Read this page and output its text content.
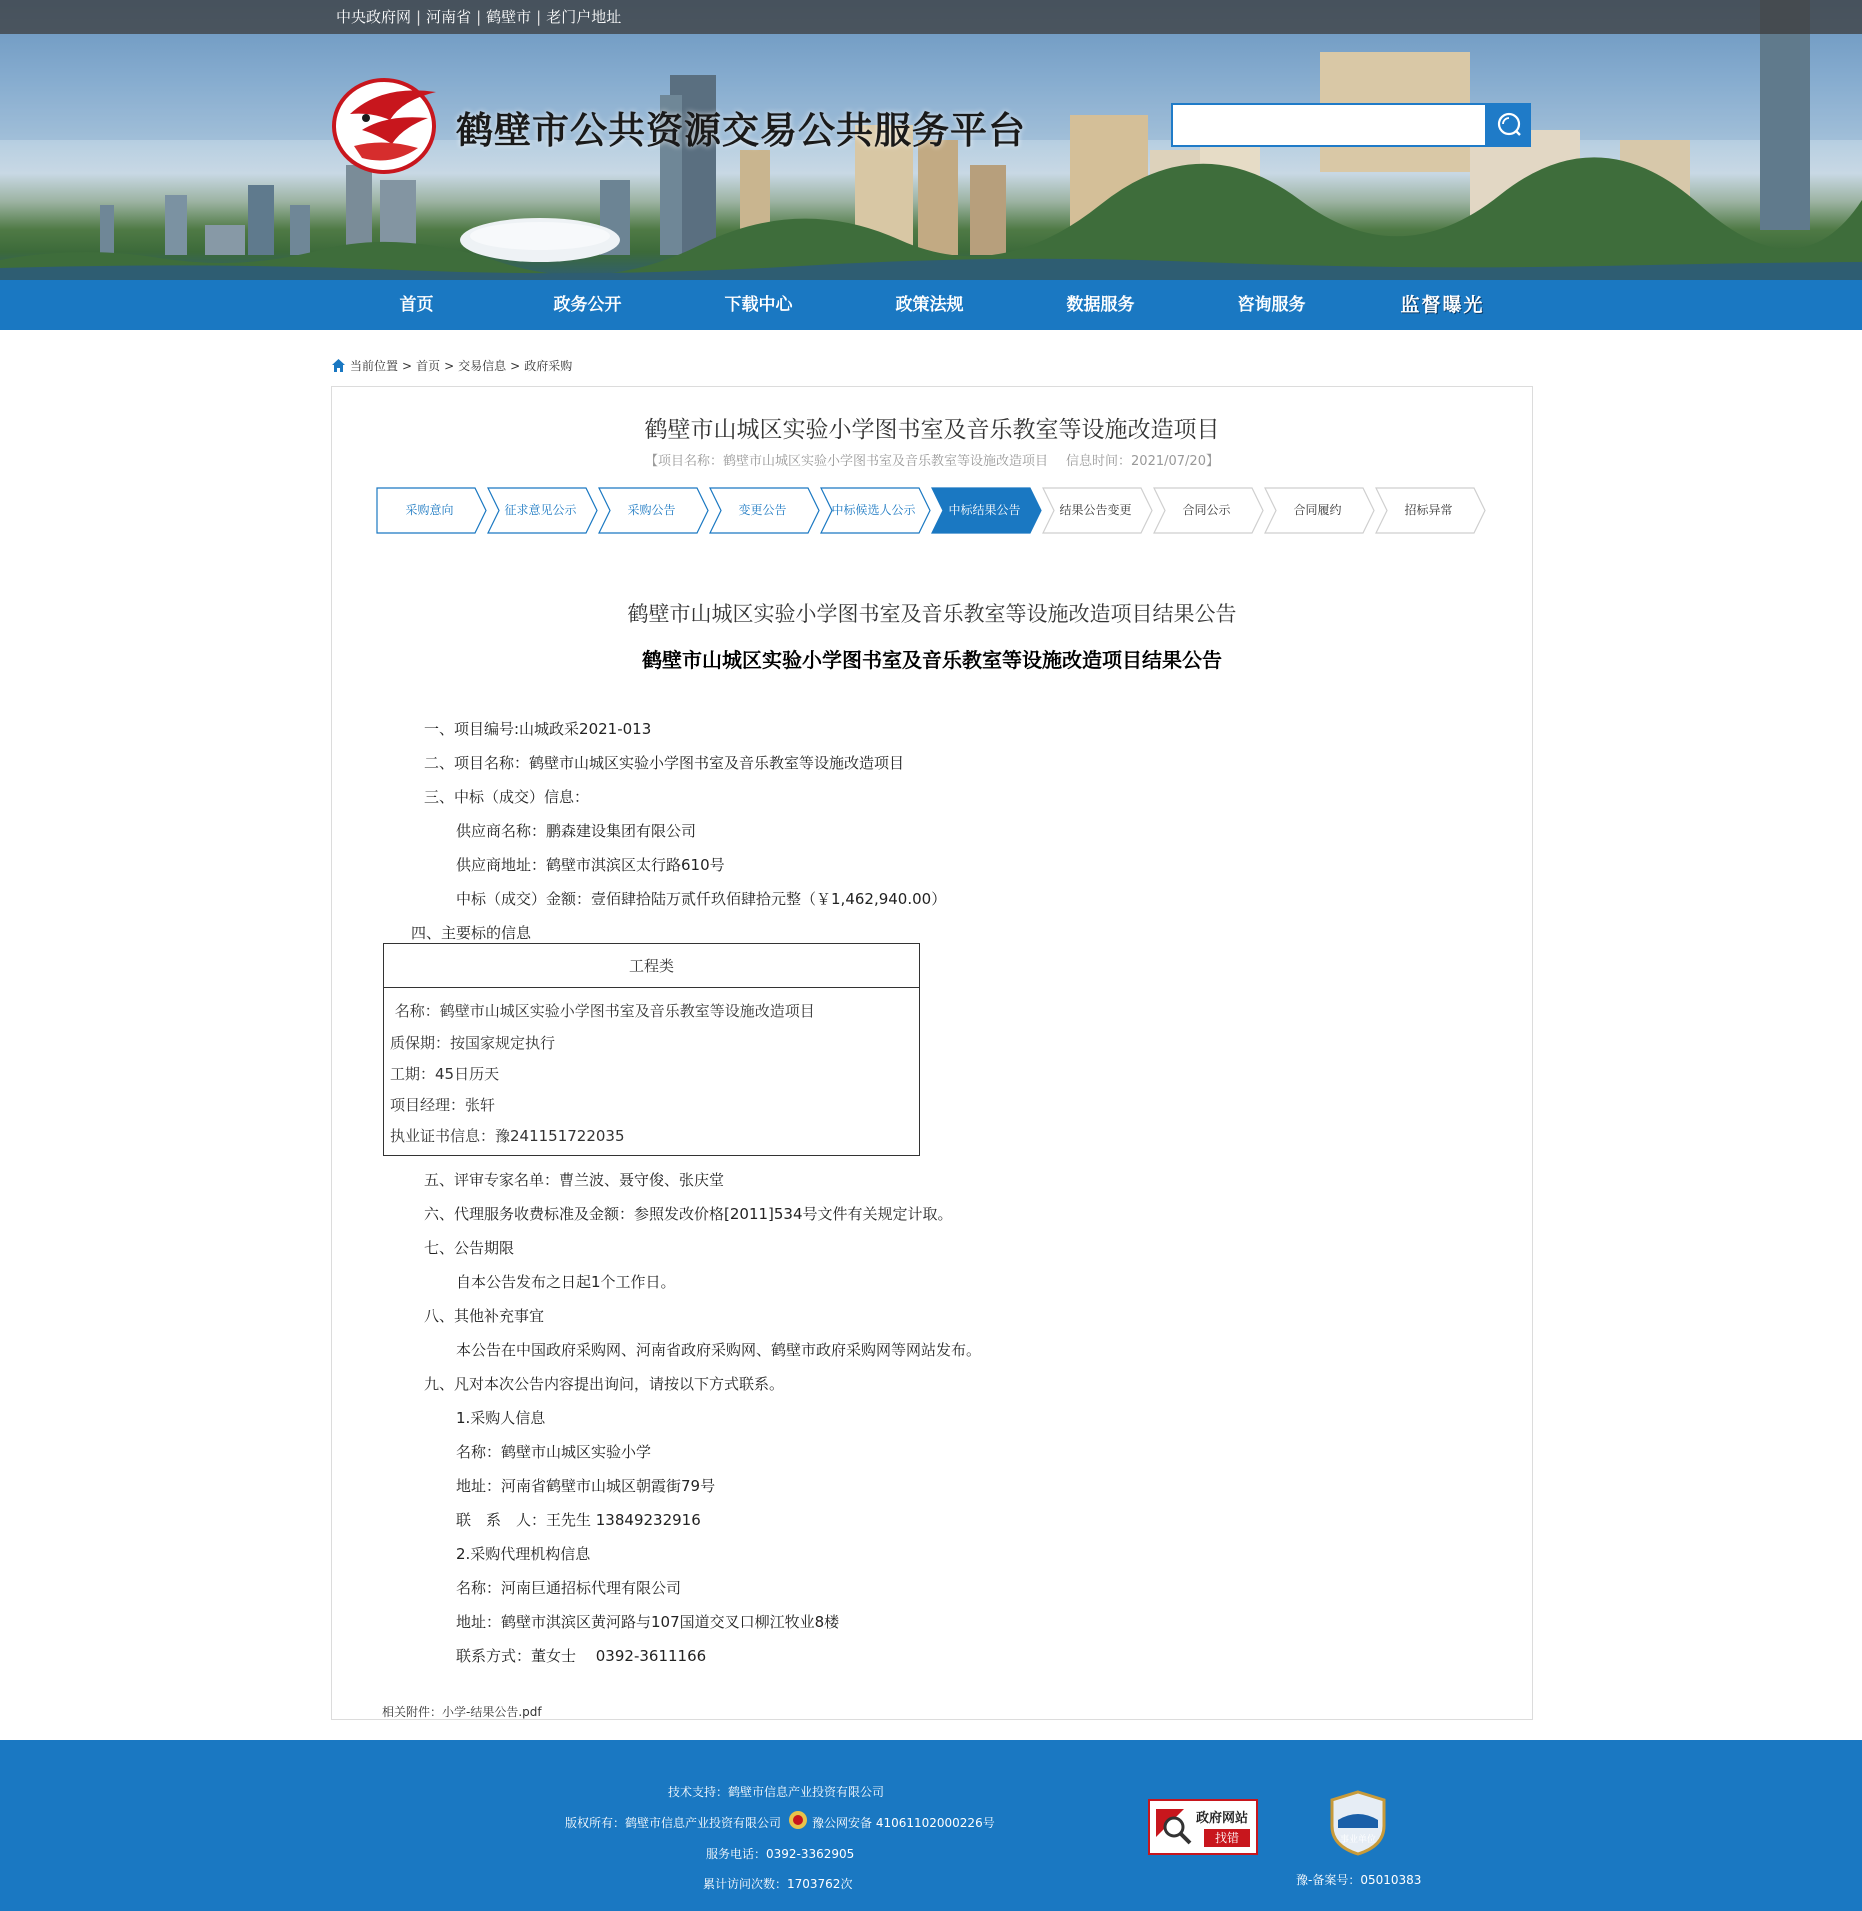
中央政府网 | 河南省 | 鹤壁市 | 老门户地址
鹤壁市公共资源交易公共服务平台
首页	政务公开	下载中心	政策法规	数据服务	咨询服务	监督曝光
当前位置 > 首页 > 交易信息 > 政府采购
鹤壁市山城区实验小学图书室及音乐教室等设施改造项目
【项目名称：鹤壁市山城区实验小学图书室及音乐教室等设施改造项目 信息时间：2021/07/20】
采购意向	征求意见公示	采购公告	变更公告	中标候选人公示	中标结果公告	结果公告变更	合同公示	合同履约	招标异常
鹤壁市山城区实验小学图书室及音乐教室等设施改造项目结果公告
鹤壁市山城区实验小学图书室及音乐教室等设施改造项目结果公告
一、项目编号:山城政采2021-013
二、项目名称：鹤壁市山城区实验小学图书室及音乐教室等设施改造项目
三、中标（成交）信息：
供应商名称：鹏森建设集团有限公司
供应商地址：鹤壁市淇滨区太行路610号
中标（成交）金额：壹佰肆拾陆万贰仟玖佰肆拾元整（￥1,462,940.00）
四、主要标的信息
工程类
名称：鹤壁市山城区实验小学图书室及音乐教室等设施改造项目
质保期：按国家规定执行
工期：45日历天
项目经理：张轩
执业证书信息：豫241151722035
五、评审专家名单：曹兰波、聂守俊、张庆堂
六、代理服务收费标准及金额：参照发改价格[2011]534号文件有关规定计取。
七、公告期限
自本公告发布之日起1个工作日。
八、其他补充事宜
本公告在中国政府采购网、河南省政府采购网、鹤壁市政府采购网等网站发布。
九、凡对本次公告内容提出询问，请按以下方式联系。
1.采购人信息
名称：鹤壁市山城区实验小学
地址：河南省鹤壁市山城区朝霞街79号
联　系　人：王先生 13849232916
2.采购代理机构信息
名称：河南巨通招标代理有限公司
地址：鹤壁市淇滨区黄河路与107国道交叉口柳江牧业8楼
联系方式：董女士　 0392-3611166
相关附件：小学-结果公告.pdf
技术支持：鹤壁市信息产业投资有限公司
版权所有：鹤壁市信息产业投资有限公司	豫公网安备 41061102000226号
服务电话：0392-3362905
累计访问次数：1703762次
政府网站
找错	事业单位
豫-备案号：05010383
